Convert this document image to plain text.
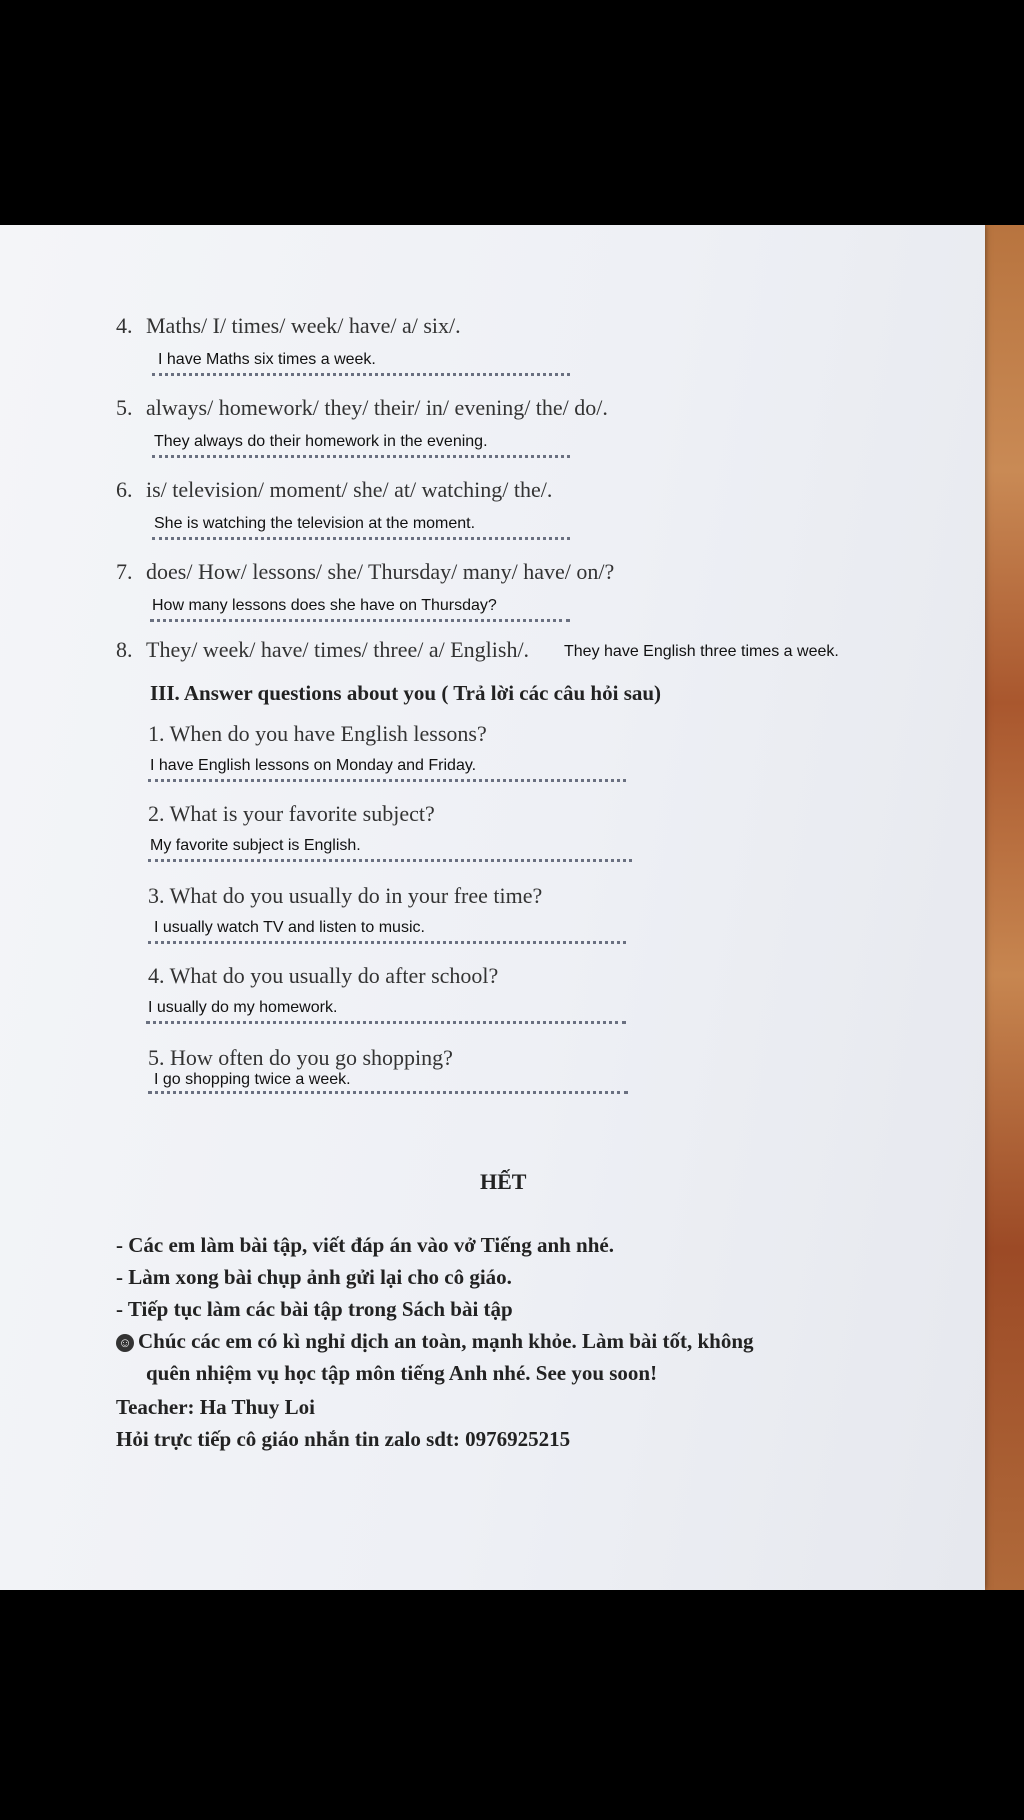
4. Maths/ I/ times/ week/ have/ a/ six/.
I have Maths six times a week.
5. always/ homework/ they/ their/ in/ evening/ the/ do/.
They always do their homework in the evening.
6. is/ television/ moment/ she/ at/ watching/ the/.
She is watching the television at the moment.
7. does/ How/ lessons/ she/ Thursday/ many/ have/ on/?
How many lessons does she have on Thursday?
8. They/ week/ have/ times/ three/ a/ English/. They have English three times a week.
III. Answer questions about you ( Trả lời các câu hỏi sau)
1. When do you have English lessons?
I have English lessons on Monday and Friday.
2. What is your favorite subject?
My favorite subject is English.
3. What do you usually do in your free time?
I usually watch TV and listen to music.
4. What do you usually do after school?
I usually do my homework.
5. How often do you go shopping?
I go shopping twice a week.
HẾT
- Các em làm bài tập, viết đáp án vào vở Tiếng anh nhé.
- Làm xong bài chụp ảnh gửi lại cho cô giáo.
- Tiếp tục làm các bài tập trong Sách bài tập
☺ Chúc các em có kì nghỉ dịch an toàn, mạnh khỏe. Làm bài tốt, không
quên nhiệm vụ học tập môn tiếng Anh nhé. See you soon!
Teacher: Ha Thuy Loi
Hỏi trực tiếp cô giáo nhắn tin zalo sdt: 0976925215
